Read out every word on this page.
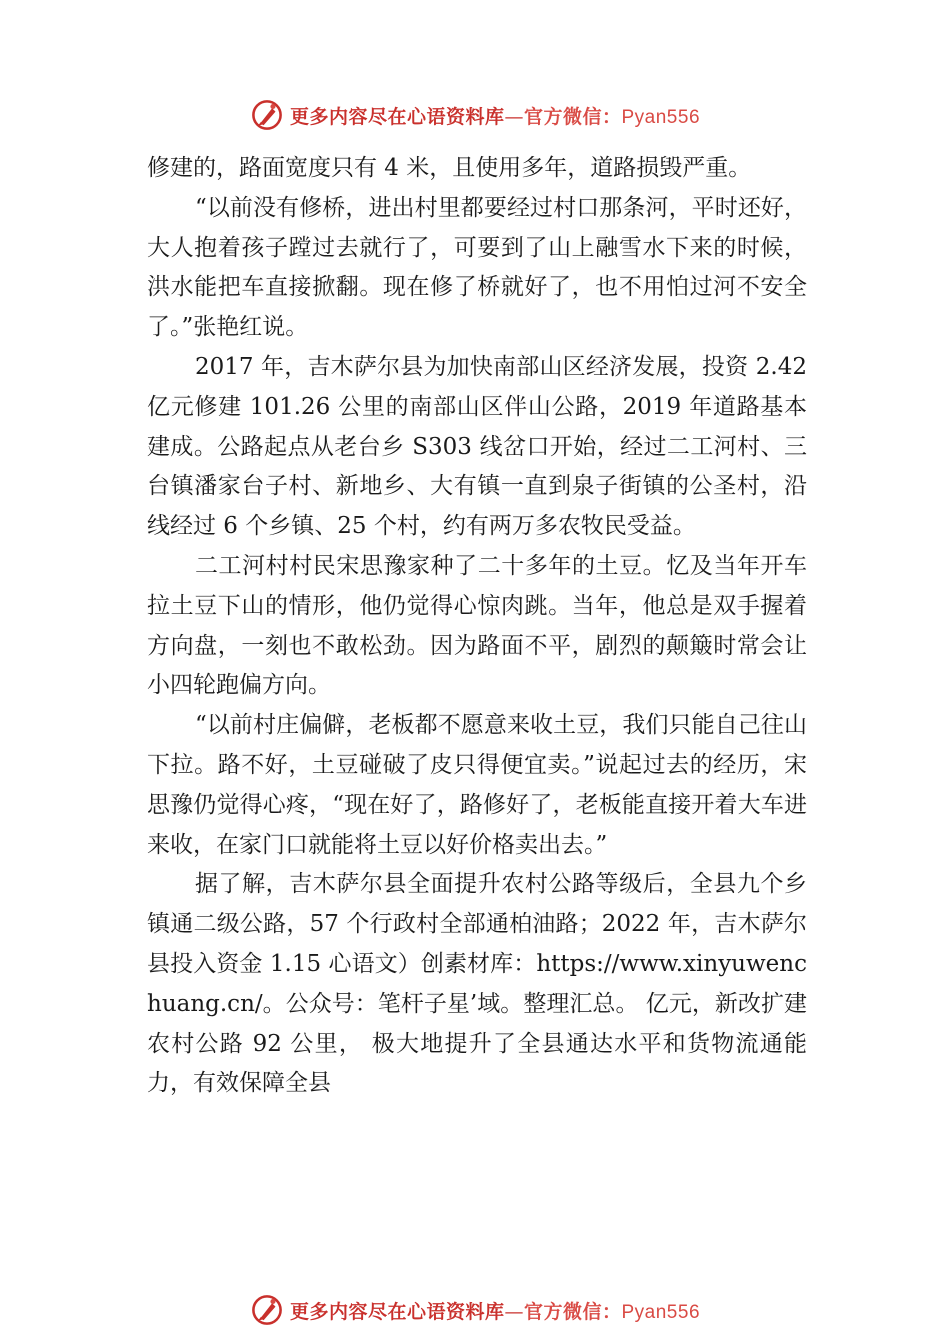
更多内容尽在心语资料库—官方微信：Pyan556

修建的，路面宽度只有 4 米，且使用多年，道路损毁严重。

“以前没有修桥，进出村里都要经过村口那条河，平时还好，大人抱着孩子蹚过去就行了，可要到了山上融雪水下来的时候，洪水能把车直接掀翻。现在修了桥就好了，也不用怕过河不安全了。”张艳红说。

2017 年，吉木萨尔县为加快南部山区经济发展，投资 2.42 亿元修建 101.26 公里的南部山区伴山公路，2019 年道路基本建成。公路起点从老台乡 S303 线岔口开始，经过二工河村、三台镇潘家台子村、新地乡、大有镇一直到泉子街镇的公圣村，沿线经过 6 个乡镇、25 个村，约有两万多农牧民受益。

二工河村村民宋思豫家种了二十多年的土豆。忆及当年开车拉土豆下山的情形，他仍觉得心惊肉跳。当年，他总是双手握着方向盘，一刻也不敢松劲。因为路面不平，剧烈的颠簸时常会让小四轮跑偏方向。

“以前村庄偏僻，老板都不愿意来收土豆，我们只能自己往山下拉。路不好，土豆碰破了皮只得便宜卖。”说起过去的经历，宋思豫仍觉得心疼，“现在好了，路修好了，老板能直接开着大车进来收，在家门口就能将土豆以好价格卖出去。”

据了解，吉木萨尔县全面提升农村公路等级后，全县九个乡镇通二级公路，57 个行政村全部通柏油路；2022 年，吉木萨尔县投入资金 1.15 心语文）创素材库：https://www.xinyuwenchuang.cn/。公众号：笔杆子星’域。整理汇总。 亿元，新改扩建农村公路 92 公里， 极大地提升了全县通达水平和货物流通能力，有效保障全县

更多内容尽在心语资料库—官方微信：Pyan556
